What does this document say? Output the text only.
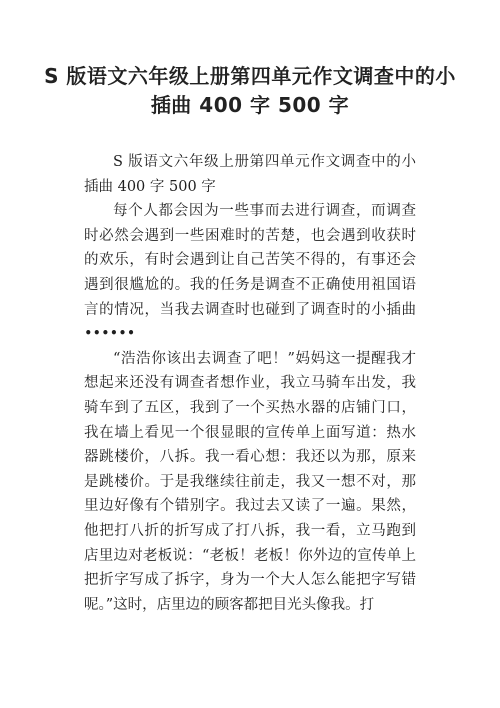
S 版语文六年级上册第四单元作文调查中的小插曲 400 字 500 字

S 版语文六年级上册第四单元作文调查中的小插曲 400 字 500 字

每个人都会因为一些事而去进行调查，而调查时必然会遇到一些困难时的苦楚，也会遇到收获时的欢乐，有时会遇到让自己苦笑不得的，有事还会遇到很尴尬的。我的任务是调查不正确使用祖国语言的情况，当我去调查时也碰到了调查时的小插曲••••••

“浩浩你该出去调查了吧！”妈妈这一提醒我才想起来还没有调查者想作业，我立马骑车出发，我骑车到了五区，我到了一个买热水器的店铺门口，我在墙上看见一个很显眼的宣传单上面写道：热水器跳楼价，八拆。我一看心想：我还以为那，原来是跳楼价。于是我继续往前走，我又一想不对，那里边好像有个错别字。我过去又读了一遍。果然，他把打八折的折写成了打八拆，我一看，立马跑到店里边对老板说：“老板！老板！你外边的宣传单上把折字写成了拆字，身为一个大人怎么能把字写错呢。”这时，店里边的顾客都把目光头像我。打
